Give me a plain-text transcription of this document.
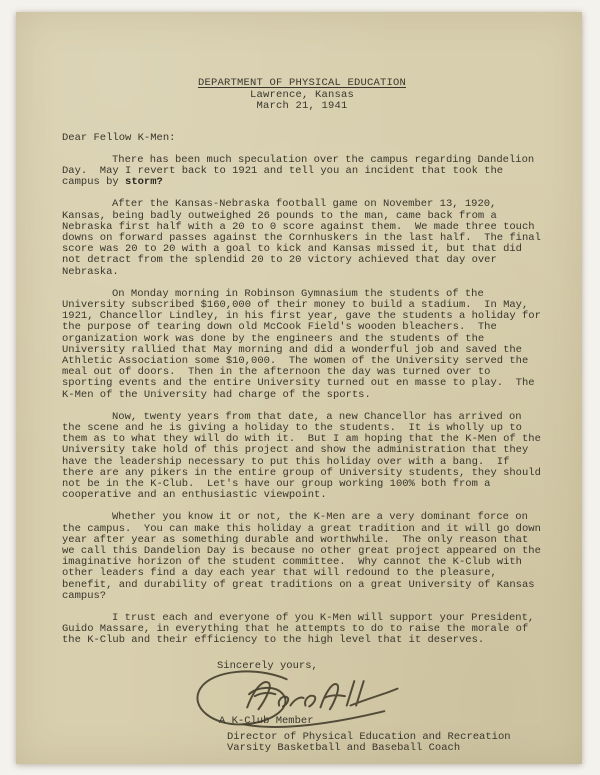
DEPARTMENT OF PHYSICAL EDUCATION
Lawrence, Kansas
March 21, 1941
Dear Fellow K-Men:

There has been much speculation over the campus regarding Dandelion Day.  May I revert back to 1921 and tell you an incident that took the campus by storm?

After the Kansas-Nebraska football game on November 13, 1920, Kansas, being badly outweighed 26 pounds to the man, came back from a Nebraska first half with a 20 to 0 score against them.  We made three touch downs on forward passes against the Cornhuskers in the last half.  The final score was 20 to 20 with a goal to kick and Kansas missed it, but that did not detract from the splendid 20 to 20 victory achieved that day over Nebraska.

On Monday morning in Robinson Gymnasium the students of the University subscribed $160,000 of their money to build a stadium.  In May, 1921, Chancellor Lindley, in his first year, gave the students a holiday for the purpose of tearing down old McCook Field's wooden bleachers.  The organization work was done by the engineers and the students of the University rallied that May morning and did a wonderful job and saved the Athletic Association some $10,000.  The women of the University served the meal out of doors.  Then in the afternoon the day was turned over to sporting events and the entire University turned out en masse to play.  The K-Men of the University had charge of the sports.

Now, twenty years from that date, a new Chancellor has arrived on the scene and he is giving a holiday to the students.  It is wholly up to them as to what they will do with it.  But I am hoping that the K-Men of the University take hold of this project and show the administration that they have the leadership necessary to put this holiday over with a bang.  If there are any pikers in the entire group of University students, they should not be in the K-Club.  Let's have our group working 100% both from a cooperative and an enthusiastic viewpoint.

Whether you know it or not, the K-Men are a very dominant force on the campus.  You can make this holiday a great tradition and it will go down year after year as something durable and worthwhile.  The only reason that we call this Dandelion Day is because no other great project appeared on the imaginative horizon of the student committee.  Why cannot the K-Club with other leaders find a day each year that will redound to the pleasure, benefit, and durability of great traditions on a great University of Kansas campus?

I trust each and everyone of you K-Men will support your President, Guido Massare, in everything that he attempts to do to raise the morale of the K-Club and their efficiency to the high level that it deserves.

Sincerely yours,
A K-Club Member
Director of Physical Education and Recreation
Varsity Basketball and Baseball Coach
